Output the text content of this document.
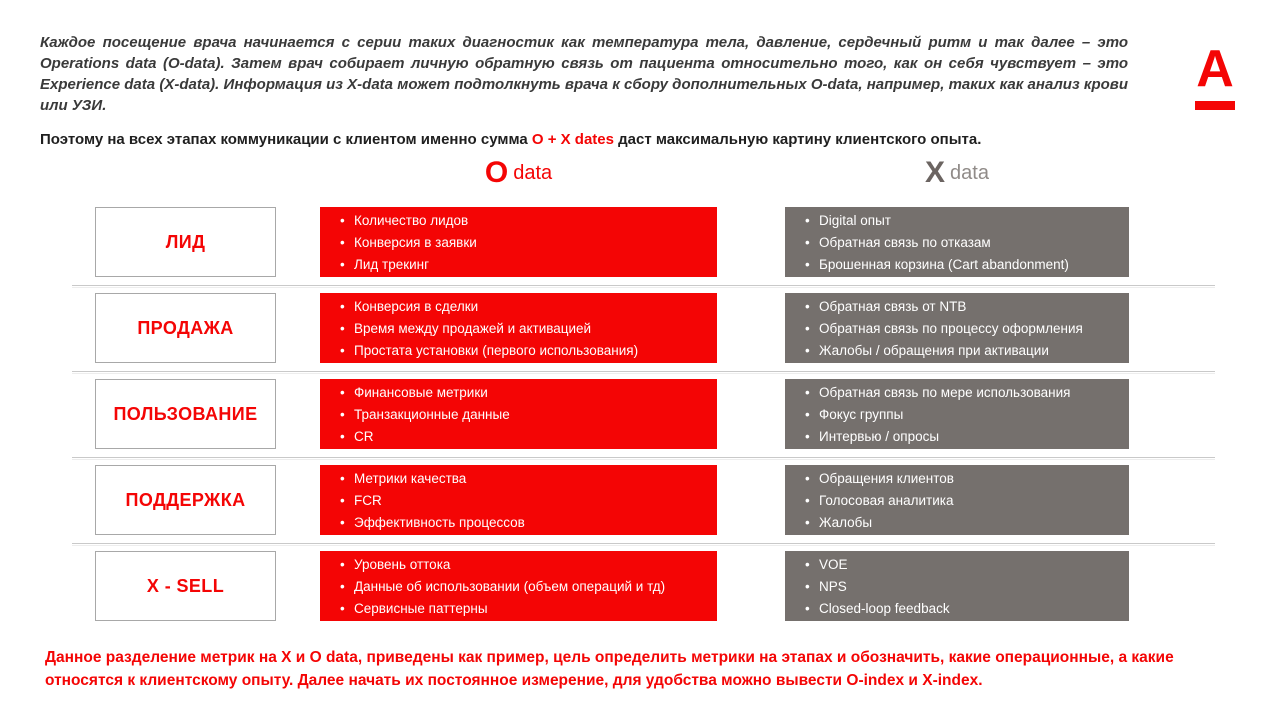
Каждое посещение врача начинается с серии таких диагностик как температура тела, давление, сердечный ритм и так далее – это Operations data (O-data). Затем врач собирает личную обратную связь от пациента относительно того, как он себя чувствует – это Experience data (X-data). Информация из X-data может подтолкнуть врача к сбору дополнительных O-data, например, таких как анализ крови или УЗИ.

А

Поэтому на всех этапах коммуникации с клиентом именно сумма О + X dates даст максимальную картину клиентского опыта.

Odata	Xdata
ЛИД
• Количество лидов
• Конверсия в заявки
• Лид трекинг
• Digital опыт
• Обратная связь по отказам
• Брошенная корзина (Cart abandonment)
ПРОДАЖА
• Конверсия в сделки
• Время между продажей и активацией
• Простата установки (первого использования)
• Обратная связь от NTB
• Обратная связь по процессу оформления
• Жалобы / обращения при активации
ПОЛЬЗОВАНИЕ
• Финансовые метрики
• Транзакционные данные
• CR
• Обратная связь по мере использования
• Фокус группы
• Интервью / опросы
ПОДДЕРЖКА
• Метрики качества
• FCR
• Эффективность процессов
• Обращения клиентов
• Голосовая аналитика
• Жалобы
X - SELL
• Уровень оттока
• Данные об использовании (объем операций и тд)
• Сервисные паттерны
• VOE
• NPS
• Closed-loop feedback

Данное разделение метрик на X и O data, приведены как пример, цель определить метрики на этапах и обозначить, какие операционные, а какие относятся к клиентскому опыту. Далее начать их постоянное измерение, для удобства можно вывести O-index и X-index.
